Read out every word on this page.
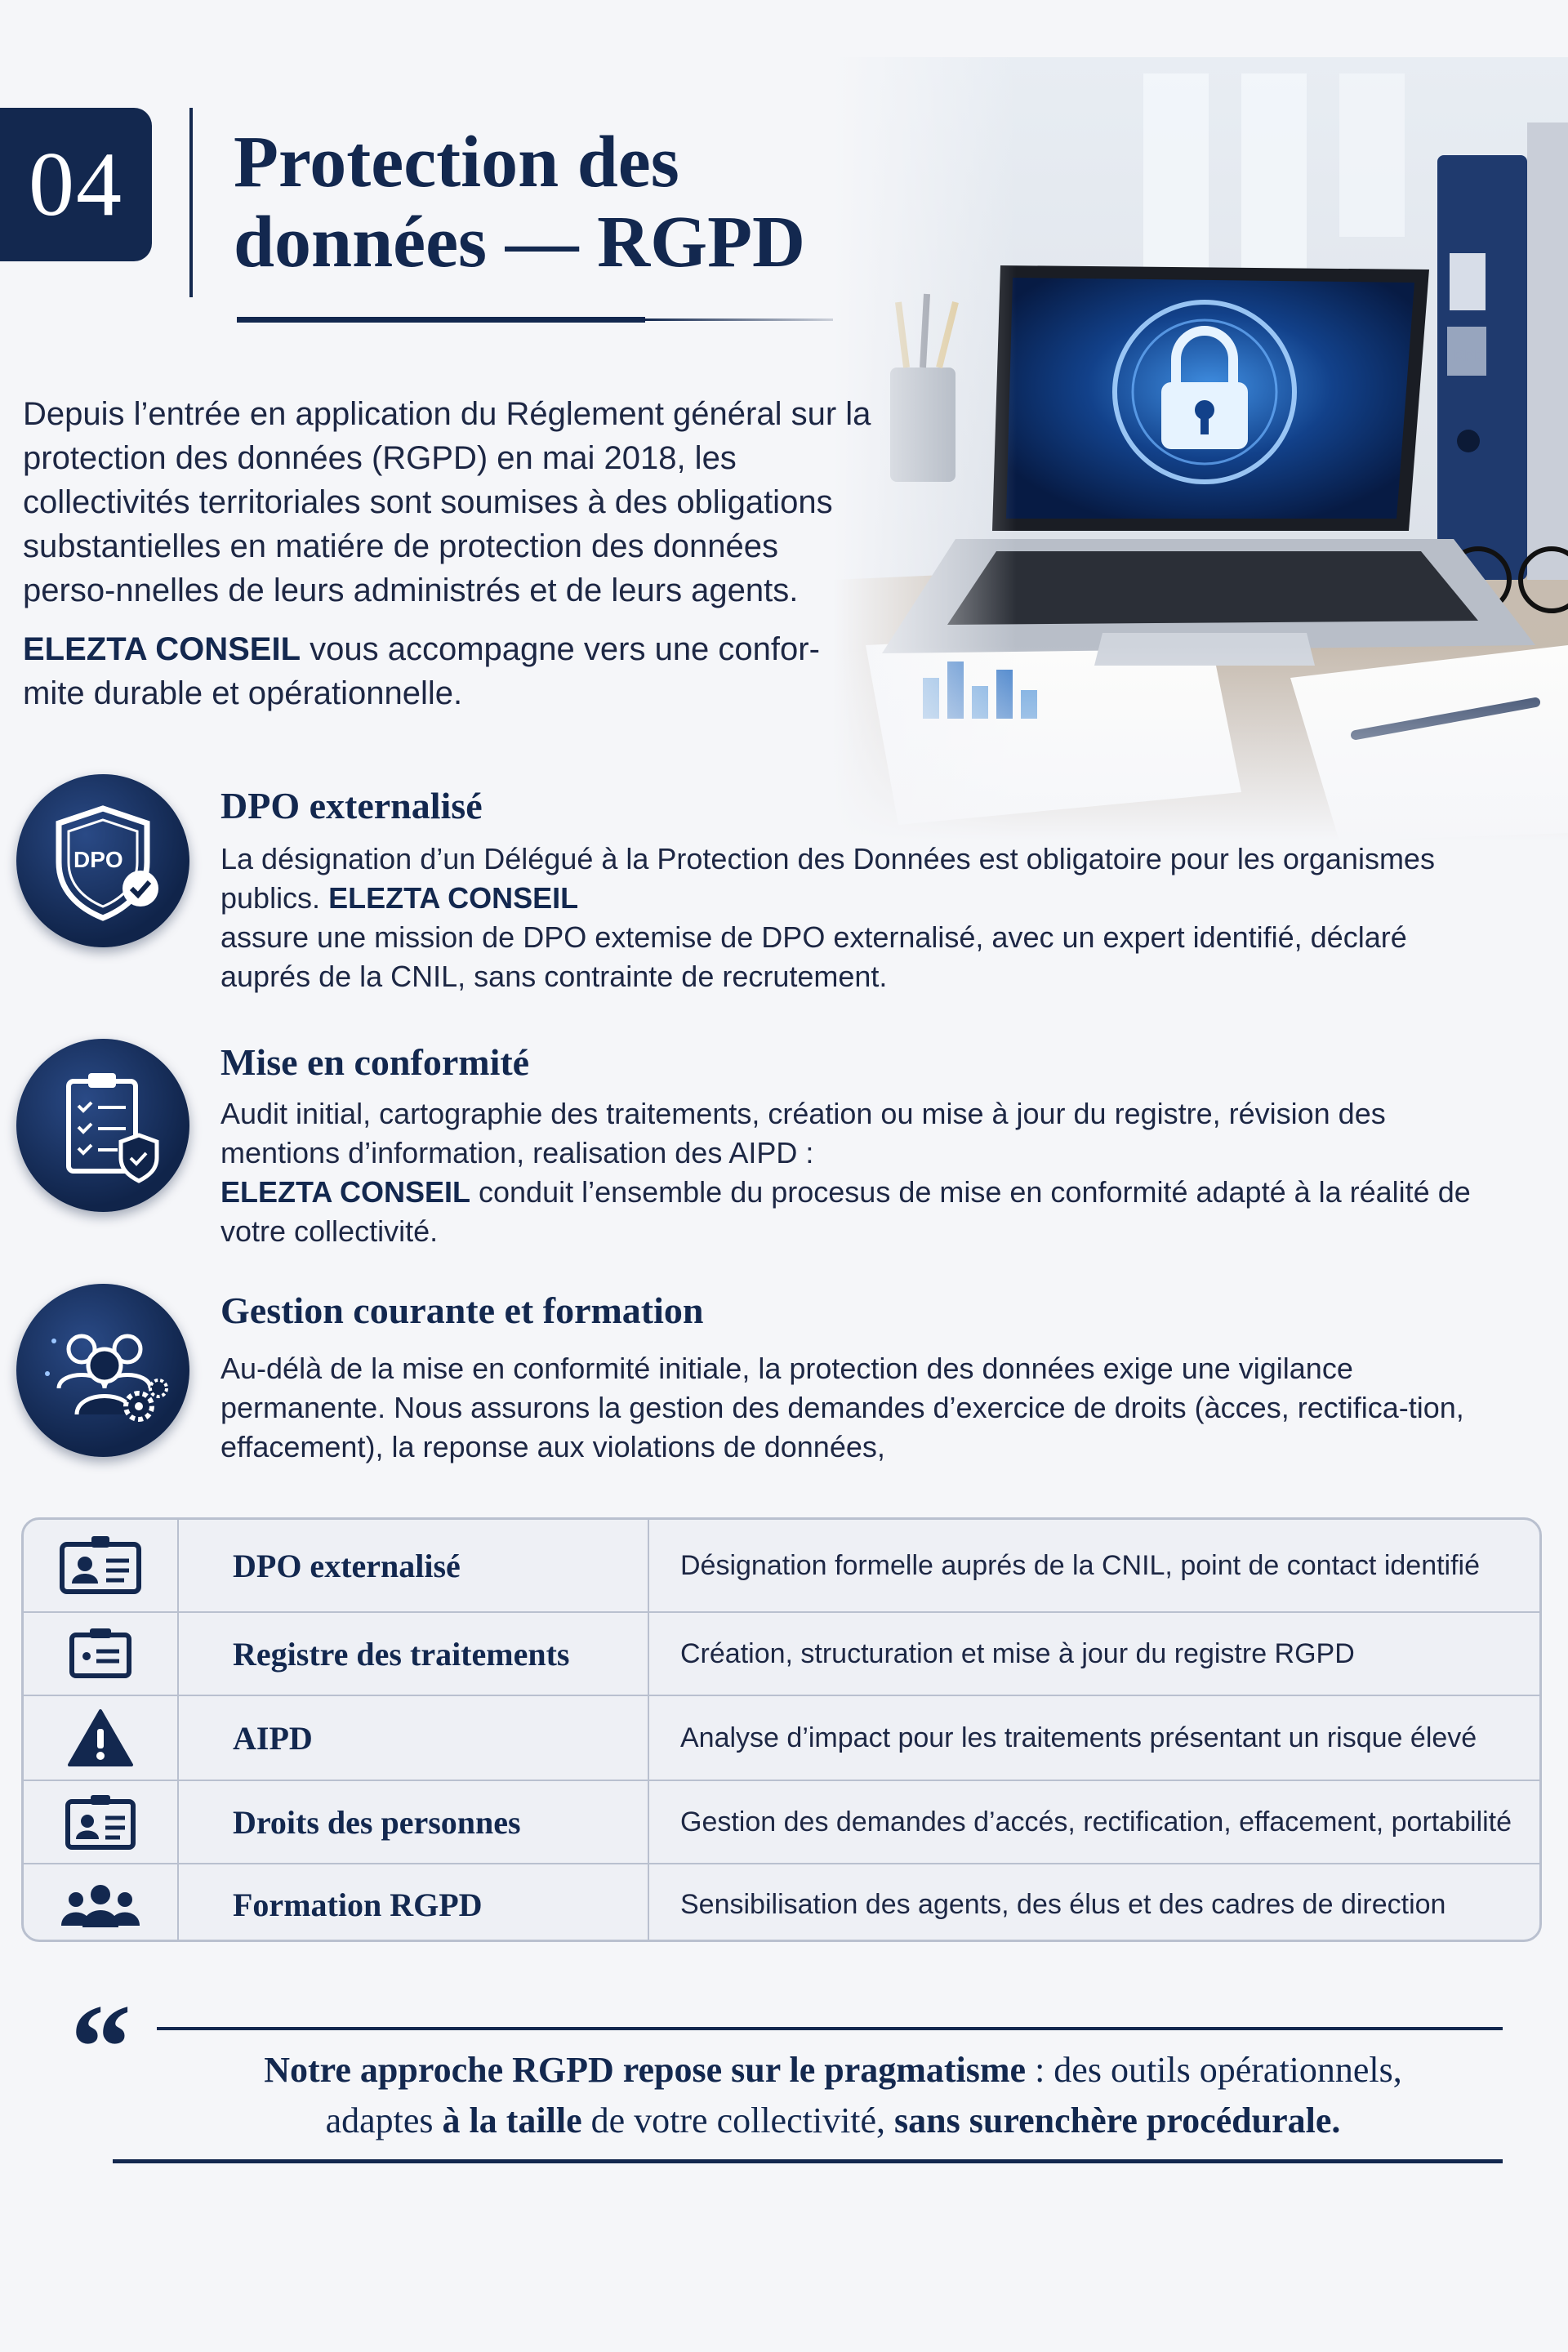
04 Protection des
données — RGPD

Depuis l’entrée en application du Réglement général sur la protection des données (RGPD) en mai 2018, les collectivités territoriales sont soumises à des obligations substantielles en matiére de protection des données perso-nnelles de leurs administrés et de leurs agents.

ELEZTA CONSEIL vous accompagne vers une confor-mite durable et opérationnelle.

DPO
DPO externalisé

La désignation d’un Délégué à la Protection des Données est obligatoire pour les organismes publics. ELEZTA CONSEIL
assure une mission de DPO extemise de DPO externalisé, avec un expert identifié, déclaré auprés de la CNIL, sans contrainte de recrutement.

Mise en conformité

Audit initial, cartographie des traitements, création ou mise à jour du registre, révision des mentions d’information, realisation des AIPD :
ELEZTA CONSEIL conduit l’ensemble du procesus de mise en conformité adapté à la réalité de votre collectivité.

Gestion courante et formation

Au-délà de la mise en conformité initiale, la protection des données exige une vigilance permanente. Nous assurons la gestion des demandes d’exercice de droits (àcces, rectifica-tion, effacement), la reponse aux violations de données,

DPO externalisé	Désignation formelle auprés de la CNIL, point de contact identifié
Registre des traitements	Création, structuration et mise à jour du registre RGPD
AIPD	Analyse d’impact pour les traitements présentant un risque élevé
Droits des personnes	Gestion des demandes d’accés, rectification, effacement, portabilité
Formation RGPD	Sensibilisation des agents, des élus et des cadres de direction
“	Notre approche RGPD repose sur le pragmatisme : des outils opérationnels,
adaptes à la taille de votre collectivité, sans surenchère procédurale.
